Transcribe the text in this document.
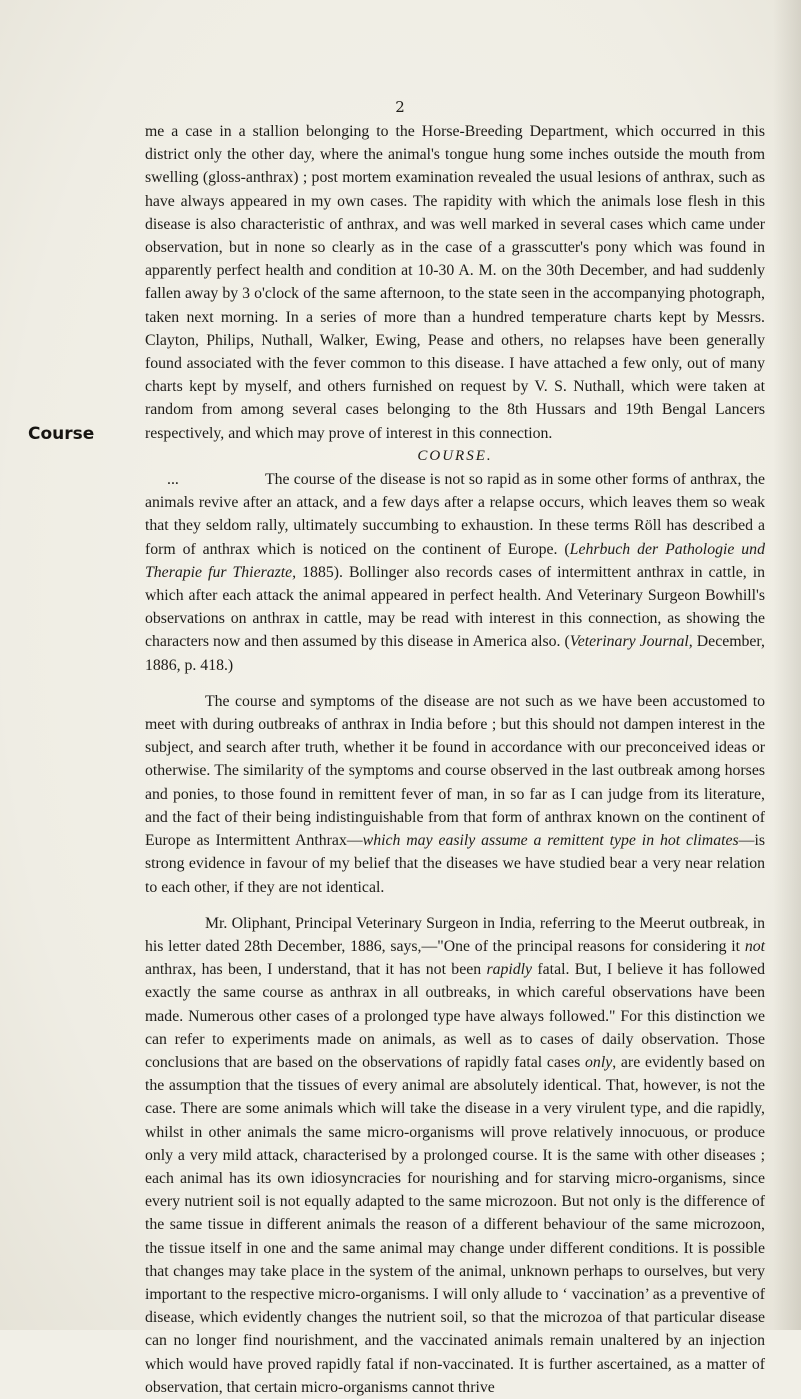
2
Course

me a case in a stallion belonging to the Horse-Breeding Department, which occurred in this district only the other day, where the animal's tongue hung some inches outside the mouth from swelling (gloss-anthrax) ; post mortem examination revealed the usual lesions of anthrax, such as have always appeared in my own cases. The rapidity with which the animals lose flesh in this disease is also characteristic of anthrax, and was well marked in several cases which came under observation, but in none so clearly as in the case of a grasscutter's pony which was found in apparently perfect health and condition at 10-30 A. M. on the 30th December, and had suddenly fallen away by 3 o'clock of the same afternoon, to the state seen in the accompanying photograph, taken next morning. In a series of more than a hundred temperature charts kept by Messrs. Clayton, Philips, Nuthall, Walker, Ewing, Pease and others, no relapses have been generally found associated with the fever common to this disease. I have attached a few only, out of many charts kept by myself, and others furnished on request by V. S. Nuthall, which were taken at random from among several cases belonging to the 8th Hussars and 19th Bengal Lancers respectively, and which may prove of interest in this connection.

COURSE.

...	The course of the disease is not so rapid as in some other forms of anthrax, the animals revive after an attack, and a few days after a relapse occurs, which leaves them so weak that they seldom rally, ultimately succumbing to exhaustion. In these terms Röll has described a form of anthrax which is noticed on the continent of Europe. (Lehrbuch der Pathologie und Therapie fur Thierazte, 1885). Bollinger also records cases of intermittent anthrax in cattle, in which after each attack the animal appeared in perfect health. And Veterinary Surgeon Bowhill's observations on anthrax in cattle, may be read with interest in this connection, as showing the characters now and then assumed by this disease in America also. (Veterinary Journal, December, 1886, p. 418.)

The course and symptoms of the disease are not such as we have been accustomed to meet with during outbreaks of anthrax in India before ; but this should not dampen interest in the subject, and search after truth, whether it be found in accordance with our preconceived ideas or otherwise. The similarity of the symptoms and course observed in the last outbreak among horses and ponies, to those found in remittent fever of man, in so far as I can judge from its literature, and the fact of their being indistinguishable from that form of anthrax known on the continent of Europe as Intermittent Anthrax—which may easily assume a remittent type in hot climates—is strong evidence in favour of my belief that the diseases we have studied bear a very near relation to each other, if they are not identical.

Mr. Oliphant, Principal Veterinary Surgeon in India, referring to the Meerut outbreak, in his letter dated 28th December, 1886, says,—"One of the principal reasons for considering it not anthrax, has been, I understand, that it has not been rapidly fatal. But, I believe it has followed exactly the same course as anthrax in all outbreaks, in which careful observations have been made. Numerous other cases of a prolonged type have always followed." For this distinction we can refer to experiments made on animals, as well as to cases of daily observation. Those conclusions that are based on the observations of rapidly fatal cases only, are evidently based on the assumption that the tissues of every animal are absolutely identical. That, however, is not the case. There are some animals which will take the disease in a very virulent type, and die rapidly, whilst in other animals the same micro-organisms will prove relatively innocuous, or produce only a very mild attack, characterised by a prolonged course. It is the same with other diseases ; each animal has its own idiosyncracies for nourishing and for starving micro-organisms, since every nutrient soil is not equally adapted to the same microzoon. But not only is the difference of the same tissue in different animals the reason of a different behaviour of the same microzoon, the tissue itself in one and the same animal may change under different conditions. It is possible that changes may take place in the system of the animal, unknown perhaps to ourselves, but very important to the respective micro-organisms. I will only allude to ‘ vaccination’ as a preventive of disease, which evidently changes the nutrient soil, so that the microzoa of that particular disease can no longer find nourishment, and the vaccinated animals remain unaltered by an injection which would have proved rapidly fatal if non-vaccinated. It is further ascertained, as a matter of observation, that certain micro-organisms cannot thrive
